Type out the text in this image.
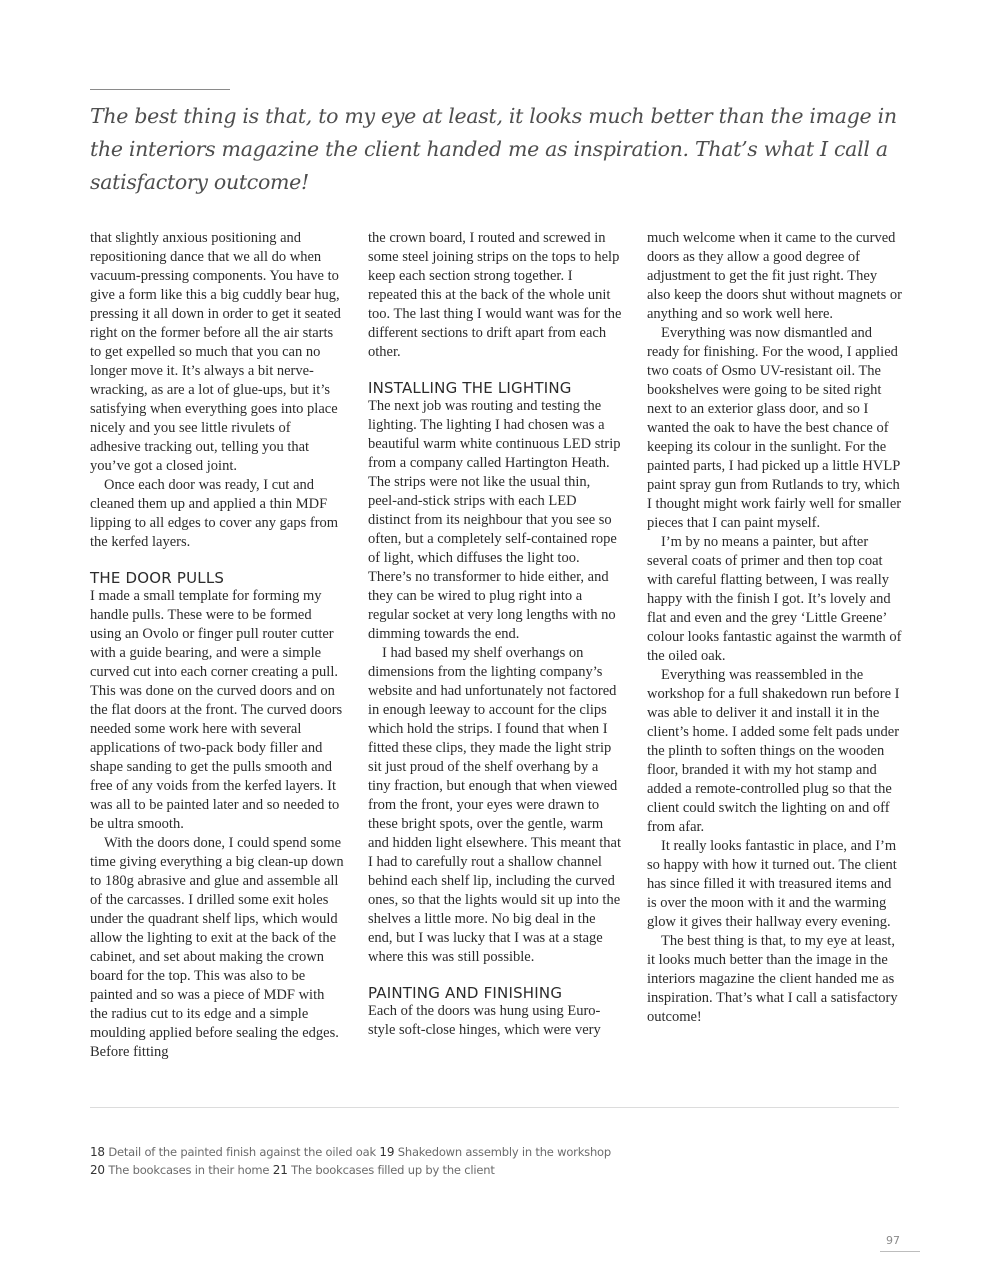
The best thing is that, to my eye at least, it looks much better than the image in the interiors magazine the client handed me as inspiration. That’s what I call a satisfactory outcome!

that slightly anxious positioning and repositioning dance that we all do when vacuum-pressing components. You have to give a form like this a big cuddly bear hug, pressing it all down in order to get it seated right on the former before all the air starts to get expelled so much that you can no longer move it. It’s always a bit nerve-wracking, as are a lot of glue-ups, but it’s satisfying when everything goes into place nicely and you see little rivulets of adhesive tracking out, telling you that you’ve got a closed joint.

Once each door was ready, I cut and cleaned them up and applied a thin MDF lipping to all edges to cover any gaps from the kerfed layers.

THE DOOR PULLS

I made a small template for forming my handle pulls. These were to be formed using an Ovolo or finger pull router cutter with a guide bearing, and were a simple curved cut into each corner creating a pull. This was done on the curved doors and on the flat doors at the front. The curved doors needed some work here with several applications of two-pack body filler and shape sanding to get the pulls smooth and free of any voids from the kerfed layers. It was all to be painted later and so needed to be ultra smooth.

With the doors done, I could spend some time giving everything a big clean-up down to 180g abrasive and glue and assemble all of the carcasses. I drilled some exit holes under the quadrant shelf lips, which would allow the lighting to exit at the back of the cabinet, and set about making the crown board for the top. This was also to be painted and so was a piece of MDF with the radius cut to its edge and a simple moulding applied before sealing the edges. Before fitting

the crown board, I routed and screwed in some steel joining strips on the tops to help keep each section strong together. I repeated this at the back of the whole unit too. The last thing I would want was for the different sections to drift apart from each other.

INSTALLING THE LIGHTING

The next job was routing and testing the lighting. The lighting I had chosen was a beautiful warm white continuous LED strip from a company called Hartington Heath. The strips were not like the usual thin, peel-and-stick strips with each LED distinct from its neighbour that you see so often, but a completely self-contained rope of light, which diffuses the light too. There’s no transformer to hide either, and they can be wired to plug right into a regular socket at very long lengths with no dimming towards the end.

I had based my shelf overhangs on dimensions from the lighting company’s website and had unfortunately not factored in enough leeway to account for the clips which hold the strips. I found that when I fitted these clips, they made the light strip sit just proud of the shelf overhang by a tiny fraction, but enough that when viewed from the front, your eyes were drawn to these bright spots, over the gentle, warm and hidden light elsewhere. This meant that I had to carefully rout a shallow channel behind each shelf lip, including the curved ones, so that the lights would sit up into the shelves a little more. No big deal in the end, but I was lucky that I was at a stage where this was still possible.

PAINTING AND FINISHING

Each of the doors was hung using Euro-style soft-close hinges, which were very

much welcome when it came to the curved doors as they allow a good degree of adjustment to get the fit just right. They also keep the doors shut without magnets or anything and so work well here.

Everything was now dismantled and ready for finishing. For the wood, I applied two coats of Osmo UV-resistant oil. The bookshelves were going to be sited right next to an exterior glass door, and so I wanted the oak to have the best chance of keeping its colour in the sunlight. For the painted parts, I had picked up a little HVLP paint spray gun from Rutlands to try, which I thought might work fairly well for smaller pieces that I can paint myself.

I’m by no means a painter, but after several coats of primer and then top coat with careful flatting between, I was really happy with the finish I got. It’s lovely and flat and even and the grey ‘Little Greene’ colour looks fantastic against the warmth of the oiled oak.

Everything was reassembled in the workshop for a full shakedown run before I was able to deliver it and install it in the client’s home. I added some felt pads under the plinth to soften things on the wooden floor, branded it with my hot stamp and added a remote-controlled plug so that the client could switch the lighting on and off from afar.

It really looks fantastic in place, and I’m so happy with how it turned out. The client has since filled it with treasured items and is over the moon with it and the warming glow it gives their hallway every evening.

The best thing is that, to my eye at least, it looks much better than the image in the interiors magazine the client handed me as inspiration. That’s what I call a satisfactory outcome!

18 Detail of the painted finish against the oiled oak 19 Shakedown assembly in the workshop
20 The bookcases in their home 21 The bookcases filled up by the client
97
